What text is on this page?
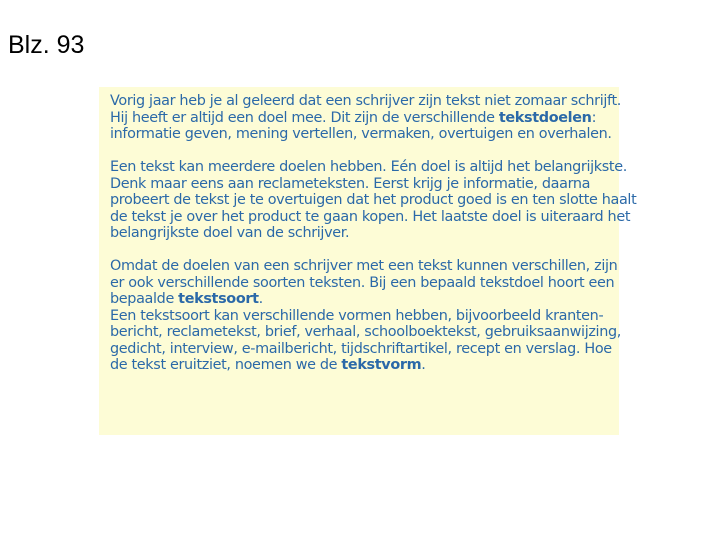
Blz. 93

Vorig jaar heb je al geleerd dat een schrijver zijn tekst niet zomaar schrijft.
Hij heeft er altijd een doel mee. Dit zijn de verschillende tekstdoelen:
informatie geven, mening vertellen, vermaken, overtuigen en overhalen.

Een tekst kan meerdere doelen hebben. Eén doel is altijd het belangrijkste.
Denk maar eens aan reclameteksten. Eerst krijg je informatie, daarna
probeert de tekst je te overtuigen dat het product goed is en ten slotte haalt
de tekst je over het product te gaan kopen. Het laatste doel is uiteraard het
belangrijkste doel van de schrijver.

Omdat de doelen van een schrijver met een tekst kunnen verschillen, zijn
er ook verschillende soorten teksten. Bij een bepaald tekstdoel hoort een
bepaalde tekstsoort.

Een tekstsoort kan verschillende vormen hebben, bijvoorbeeld kranten-
bericht, reclametekst, brief, verhaal, schoolboektekst, gebruiksaanwijzing,
gedicht, interview, e-mailbericht, tijdschriftartikel, recept en verslag. Hoe
de tekst eruitziet, noemen we de tekstvorm.
